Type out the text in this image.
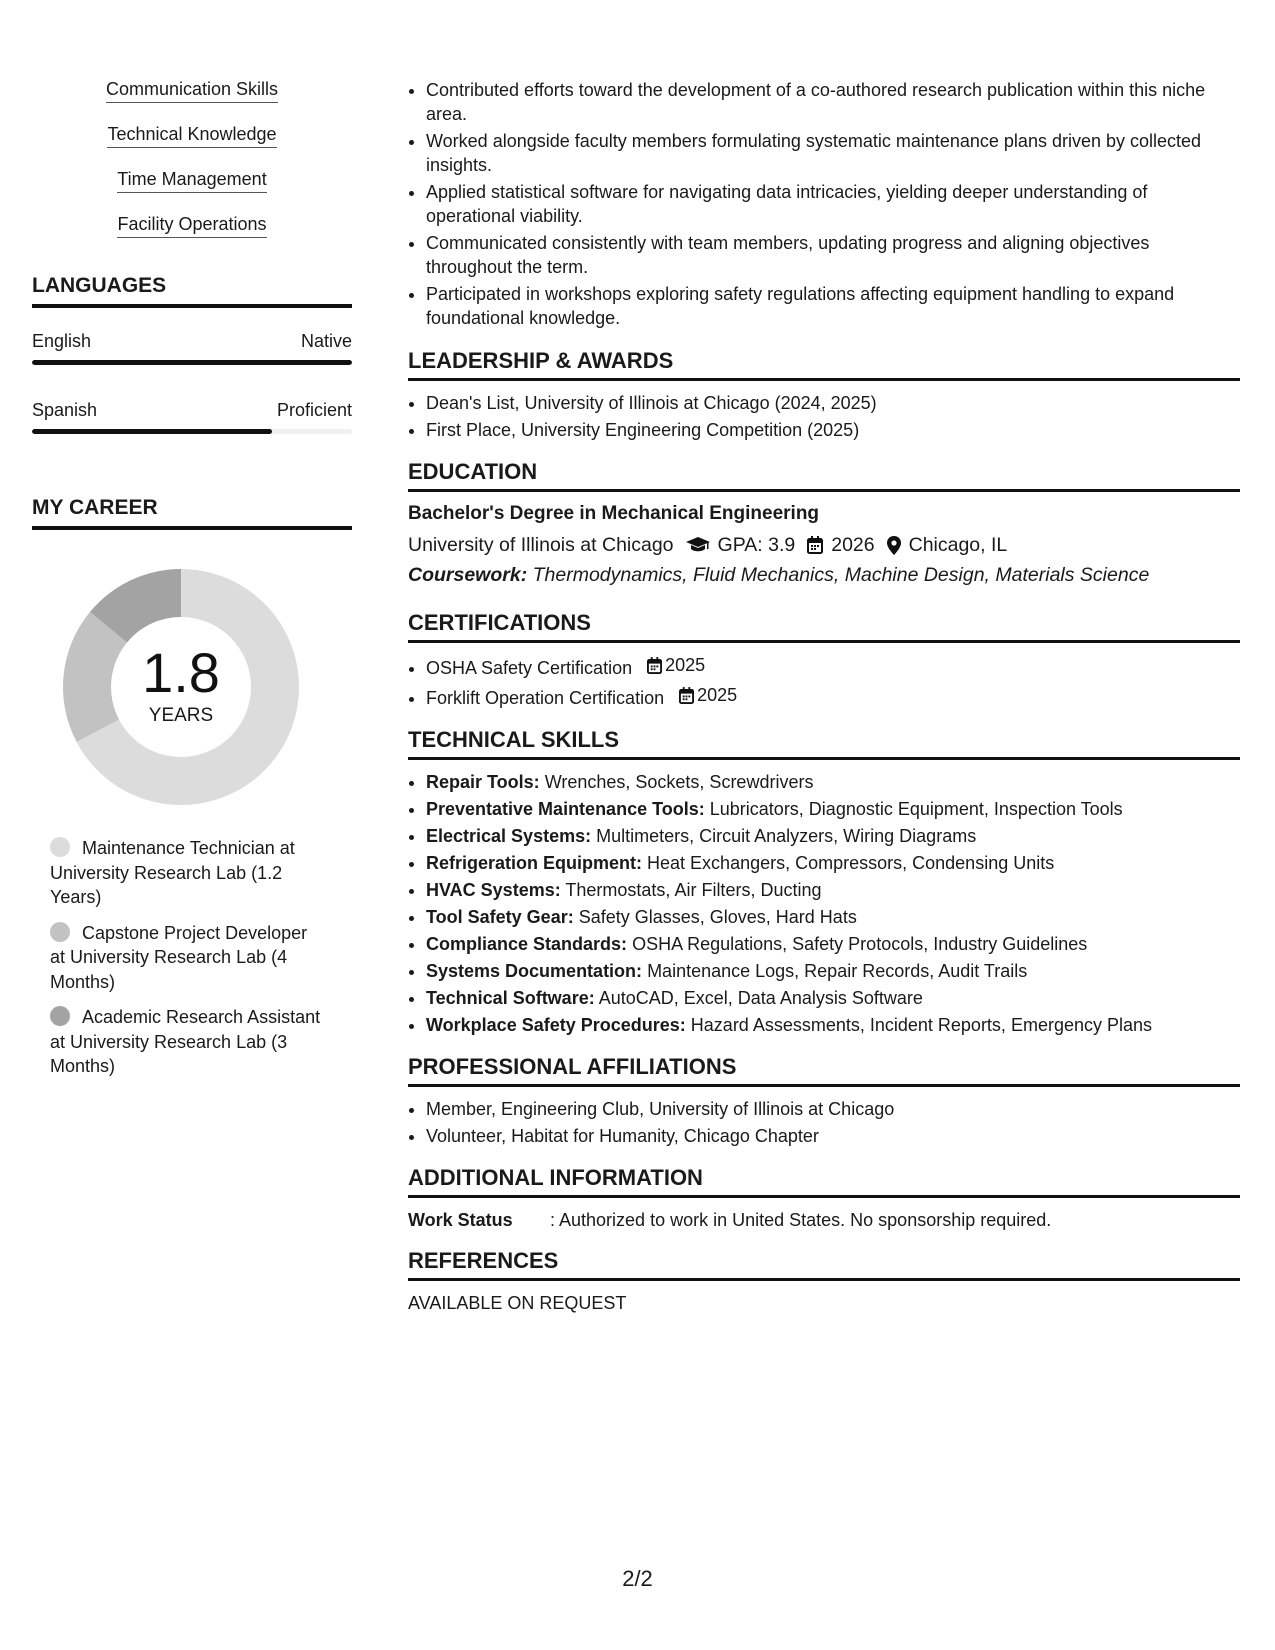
Communication Skills
Technical Knowledge
Time Management
Facility Operations
LANGUAGES
English	Native
Spanish	Proficient
MY CAREER
1.8
YEARS
Maintenance Technician at University Research Lab (1.2 Years)
Capstone Project Developer at University Research Lab (4 Months)
Academic Research Assistant at University Research Lab (3 Months)
• Contributed efforts toward the development of a co-authored research publication within this niche area.
• Worked alongside faculty members formulating systematic maintenance plans driven by collected insights.
• Applied statistical software for navigating data intricacies, yielding deeper understanding of operational viability.
• Communicated consistently with team members, updating progress and aligning objectives throughout the term.
• Participated in workshops exploring safety regulations affecting equipment handling to expand foundational knowledge.
LEADERSHIP & AWARDS
• Dean's List, University of Illinois at Chicago (2024, 2025)
• First Place, University Engineering Competition (2025)
EDUCATION
Bachelor's Degree in Mechanical Engineering
University of Illinois at Chicago GPA: 3.9 2026 Chicago, IL
Coursework: Thermodynamics, Fluid Mechanics, Machine Design, Materials Science
CERTIFICATIONS
• OSHA Safety Certification 2025
• Forklift Operation Certification 2025
TECHNICAL SKILLS
• Repair Tools: Wrenches, Sockets, Screwdrivers
• Preventative Maintenance Tools: Lubricators, Diagnostic Equipment, Inspection Tools
• Electrical Systems: Multimeters, Circuit Analyzers, Wiring Diagrams
• Refrigeration Equipment: Heat Exchangers, Compressors, Condensing Units
• HVAC Systems: Thermostats, Air Filters, Ducting
• Tool Safety Gear: Safety Glasses, Gloves, Hard Hats
• Compliance Standards: OSHA Regulations, Safety Protocols, Industry Guidelines
• Systems Documentation: Maintenance Logs, Repair Records, Audit Trails
• Technical Software: AutoCAD, Excel, Data Analysis Software
• Workplace Safety Procedures: Hazard Assessments, Incident Reports, Emergency Plans
PROFESSIONAL AFFILIATIONS
• Member, Engineering Club, University of Illinois at Chicago
• Volunteer, Habitat for Humanity, Chicago Chapter
ADDITIONAL INFORMATION
Work Status	: Authorized to work in United States. No sponsorship required.
REFERENCES
AVAILABLE ON REQUEST
2/2
